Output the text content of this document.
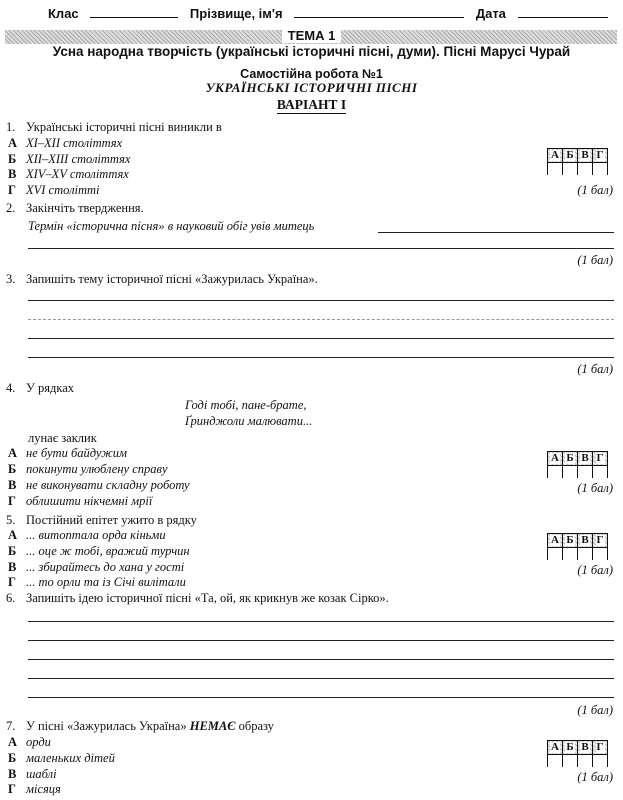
Клас	Прізвище, ім'я	Дата
ТЕМА 1
Усна народна творчість (українські історичні пісні, думи). Пісні Марусі Чурай
Самостійна робота №1
УКРАЇНСЬКІ ІСТОРИЧНІ ПІСНІ
ВАРІАНТ І
1. Українські історичні пісні виникли в
А XI–XII століттях
Б XII–XIII століттях
В XIV–XV століттях
Г XVI столітті
А Б В Г
(1 бал)
2. Закінчіть твердження.
Термін «історична пісня» в науковий обіг увів митець
(1 бал)
3. Запишіть тему історичної пісні «Зажурилась Україна».
(1 бал)
4. У рядках
Годі тобі, пане-брате,
Ґринджоли малювати...
лунає заклик
А не бути байдужим
Б покинути улюблену справу
В не виконувати складну роботу
Г облишити нікчемні мрії
А Б В Г
(1 бал)
5. Постійний епітет ужито в рядку
А ... витоптала орда кіньми
Б ... оце ж тобі, вражий турчин
В ... збирайтесь до хана у гості
Г ... то орли та із Січі вилітали
А Б В Г
(1 бал)
6. Запишіть ідею історичної пісні «Та, ой, як крикнув же козак Сірко».
(1 бал)
7. У пісні «Зажурилась Україна» НЕМАЄ образу
А орди
Б маленьких дітей
В шаблі
Г місяця
А Б В Г
(1 бал)
